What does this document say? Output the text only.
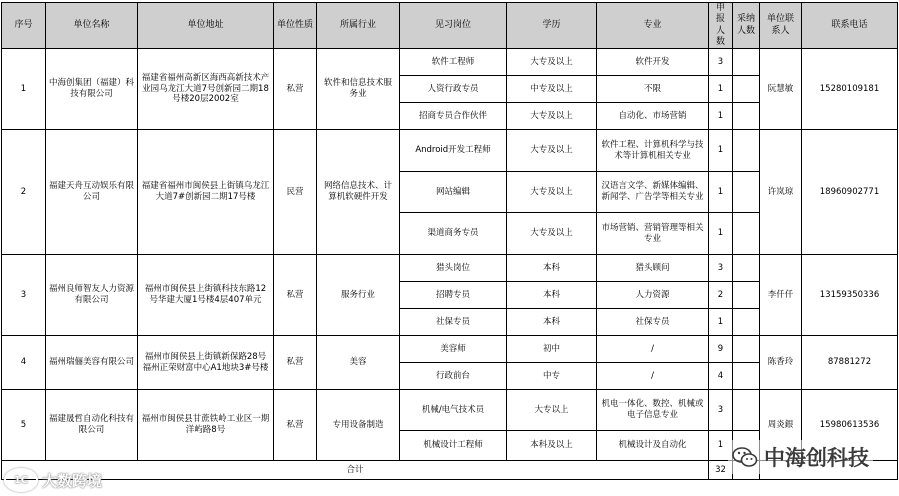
序号	单位名称	单位地址	单位性质	所属行业	见习岗位	学历	专业	申报人数	采纳人数	单位联系人	联系电话
1	中海创集团（福建）科技有限公司	福建省福州高新区海西高新技术产业园乌龙江大道7号创新园二期18号楼20层2002室	私营	软件和信息技术服务业	软件工程师	大专及以上	软件开发	3		阮慧敏	15280109181
					人资行政专员	中专及以上	不限	1			
					招商专员合作伙伴	大专及以上	自动化、市场营销	1			
2	福建天舟互动娱乐有限公司	福建省福州市闽侯县上街镇乌龙江大道7#创新园二期17号楼	民营	网络信息技术、计算机软硬件开发	Android开发工程师	大专及以上	软件工程、计算机科学与技术等计算机相关专业	1		许岚琼	18960902771
					网站编辑	大专及以上	汉语言文学、新媒体编辑、新闻学、广告学等相关专业	1			
					渠道商务专员	大专及以上	市场营销、营销管理等相关专业	1			
3	福州良师智友人力资源有限公司	福州市闽侯县上街镇科技东路12号华建大厦1号楼4层407单元	私营	服务行业	猎头岗位	本科	猎头顾问	3		李仟仟	13159350336
					招聘专员	本科	人力资源	2			
					社保专员	本科	社保专员	1			
4	福州瑞俪美容有限公司	福州市闽侯县上街镇新保路28号福州正荣财富中心A1地块3#号楼	私营	美容	美容师	初中	/	9		陈香玲	87881272
					行政前台	中专	/	4			
5	福建晟哲自动化科技有限公司	福州市闽侯县甘蔗铁岭工业区一期洋屿路8号	私营	专用设备制造	机械/电气技术员	大专以上	机电一体化、数控、机械或电子信息专业	3		周炎銀	15980613536
					机械设计工程师	本科及以上	机械设计及自动化	1			
合计								32			
1C 大数跨境
中海创科技
